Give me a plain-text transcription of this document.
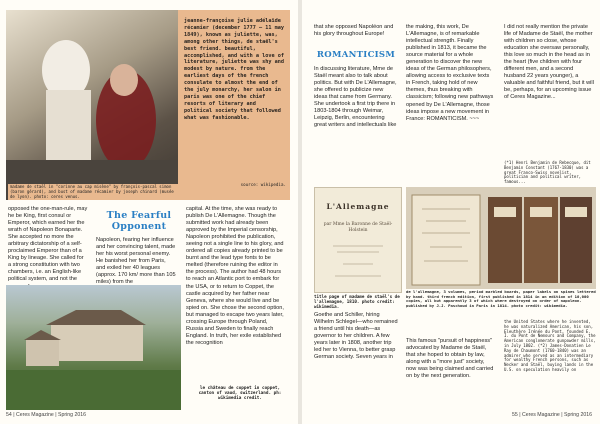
jeanne-françoise julie adélaïde récamier (december 1777 – 11 may 1849), known as juliette, was, among other things, de staël's best friend. beautiful, accomplished, and with a love of literature, juliette was shy and modest by nature. from the earliest days of the french consulate to almost the end of the july monarchy, her salon in paris was one of the chief resorts of literary and political society that followed what was fashionable.

source: wikipedia.

madame de staël in "corinne au cap misène" by françois-pascal simon (baron gérard), and bust of madame récamier by joseph chinard (musée de lyon). photo: ceres venus.

opposed the one-man-rule, may he be King, first consul or Emperor, which earned her the wrath of Napoleon Bonaparte. She accepted no more the arbitrary dictatorship of a self-proclaimed Emperor than of a King by lineage. She called for a strong constitution with two chambers, i.e. an English-like political system, and not the

The Fearful Opponent

Napoleon, fearing her influence and her convincing talent, made her his worst personal enemy. He banished her from Paris, and exiled her 40 leagues (approx. 170 km/ more than 105 miles) from the

capital. At the time, she was ready to publish De L'Allemagne. Though the submitted work had already been approved by the Imperial censorship, Napoleon prohibited the publication, seeing not a single line to his glory, and ordered all copies already printed to be burnt and the lead type fonts to be melted (therefore ruining the editor in the process). The author had 48 hours to reach an Atlantic port to embark for the USA, or to return to Coppet, the castle acquired by her father near Geneva, where she would live and be spied on. She chose the second option, but managed to escape two years later, crossing Europe through Poland, Russia and Sweden to finally reach England. In truth, her exile established the recognition

le château de coppet in coppet, canton of vaud, switzerland. ph: wikimedia credit.

54 | Ceres Magazine | Spring 2016

that she opposed Napoléon and his glory throughout Europe!

ROMANTICISM

In discussing literature, Mme de Staël meant also to talk about politics. But with De L'Allemagne, she offered to publicize new ideas that came from Germany. She undertook a first trip there in 1803-1804 through Weimar, Leipzig, Berlin, encountering great writers and intellectuals like

the making, this work, De L'Allemagne, is of remarkable intellectual strength. Finally published in 1813, it became the source material for a whole generation to discover the new ideas of the German philosophers, allowing access to exclusive texts in French, taking hold of new themes, thus breaking with classicism; following new pathways opened by De L'Allemagne, those ideas impose a new movement in France: ROMANTICISM. ~~~

I did not really mention the private life of Madame de Staël, the mother with children so close, whose education she oversaw personally, this love so much in the head as in the heart (five children with four different men, and a second husband 22 years younger), a valuable and faithful friend, but it will be, perhaps, for an upcoming issue of Ceres Magazine...

(*1) Henri Benjamin de Rebecque, dit Benjamin Constant (1767-1830) was a great Franco-Swiss novelist, politician and political writer, famous...

L'Allemagne
par Mme la Baronne de Staël-Holstein

title page of madame de staël's de l'allemagne, 1810. photo credit: wikimedia.

de l'allemagne, 3 volumes, period marbled boards, paper labels on spines lettered by hand. third french edition, first published in 1814 in an edition of 10,000 copies, all but apparently 3 of which where destroyed on order of napoleon. published by J.J. Paschoud in Paris in 1814. photo credit: wikimedia.

Goethe and Schiller, hiring Wilhelm Schlegel—who remained a friend until his death—as governor to her children. A few years later in 1808, another trip led her to Vienna, to better grasp German society. Seven years in

This famous "pursuit of happiness" advocated by Madame de Staël, that she hoped to obtain by law, along with a "more just" society, now was being claimed and carried on by the next generation.

the United States where he invented, he was naturalized American, his son, Eleuthère Irénée du Pont, founded E. I. du Pont de Nemours and Company, the American conglomerate gunpowder mills, in July 1802. (*2) James-Donatien Le Ray de Chaumont (1760-1840) was an admirer who served as an intermediary for wealthy French persons, such as Necker and Staël, buying lands in the U.S. on speculation heavily on

55 | Ceres Magazine | Spring 2016
